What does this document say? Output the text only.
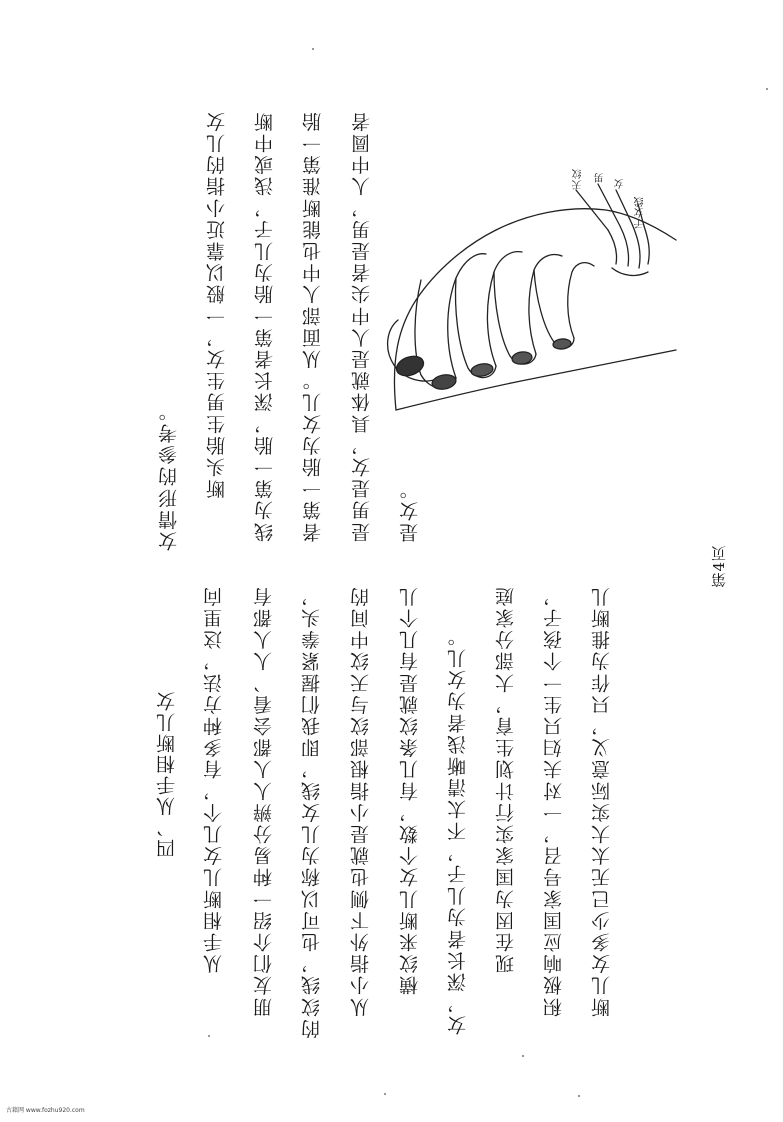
四、从手相断儿女 从手相断儿女几个，有多种方法，这里向 朋友们介绍一种易分辨人人都会看、人人都有 的纹线，也可以称为儿女线，即我们握紧拳头， 从小指外下侧也就是小指根部纹与天纹中间的 横纹来断儿女个数，有几条纹就是有几个儿 女，深长者为儿子，不太清晰浅者为女儿。 现在因为国家实行计划生育，大部分家庭 积极响应国家号召，一对夫妇只生一个孩子， 断儿女多少已无太大实际意义，只作为推断儿
女情形的参考。 断头胎生男生女，一般以靠近小指的儿女 线为第一胎，深长者第一胎为儿子，浅或中断 者第一胎为女儿。从面部人中也能断准第一胎 是男是女，具体就是人中尖者是男，人中圆者 是女。
第4页
天纹 男
女
子女线
古籍网 www.fozhu920.com
